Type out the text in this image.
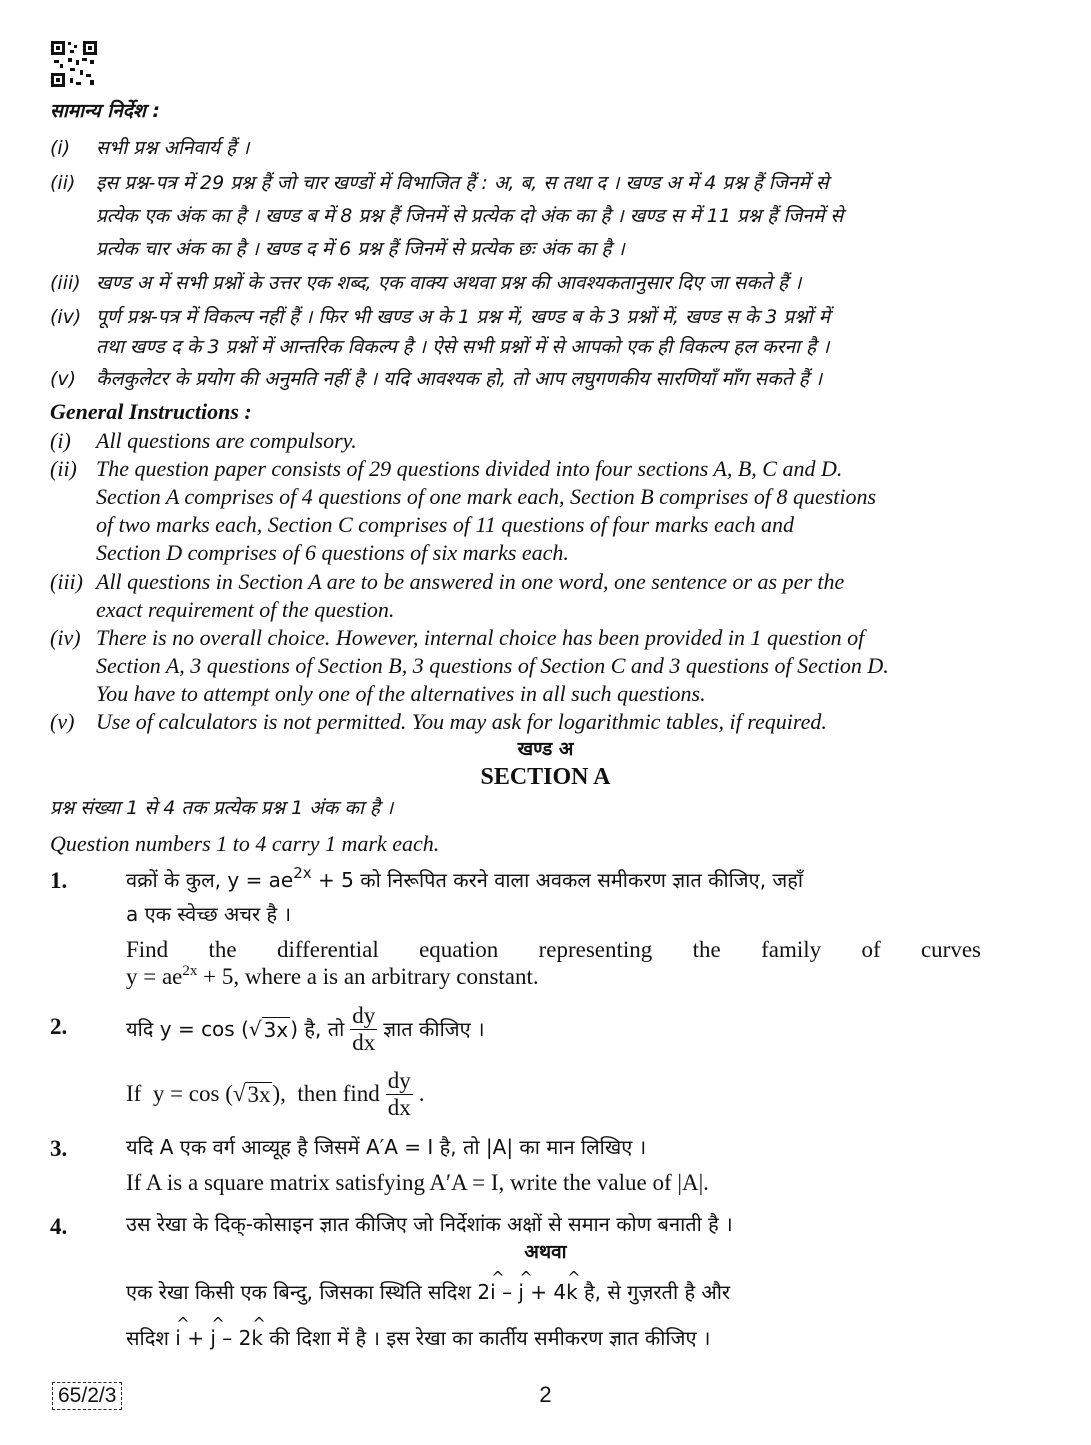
सामान्य निर्देश :
(i) सभी प्रश्न अनिवार्य हैं ।
(ii) इस प्रश्न-पत्र में 29 प्रश्न हैं जो चार खण्डों में विभाजित हैं : अ, ब, स तथा द । खण्ड अ में 4 प्रश्न हैं जिनमें से
प्रत्येक एक अंक का है । खण्ड ब में 8 प्रश्न हैं जिनमें से प्रत्येक दो अंक का है । खण्ड स में 11 प्रश्न हैं जिनमें से
प्रत्येक चार अंक का है । खण्ड द में 6 प्रश्न हैं जिनमें से प्रत्येक छः अंक का है ।
(iii) खण्ड अ में सभी प्रश्नों के उत्तर एक शब्द, एक वाक्य अथवा प्रश्न की आवश्यकतानुसार दिए जा सकते हैं ।
(iv) पूर्ण प्रश्न-पत्र में विकल्प नहीं हैं । फिर भी खण्ड अ के 1 प्रश्न में, खण्ड ब के 3 प्रश्नों में, खण्ड स के 3 प्रश्नों में
तथा खण्ड द के 3 प्रश्नों में आन्तरिक विकल्प है । ऐसे सभी प्रश्नों में से आपको एक ही विकल्प हल करना है ।
(v) कैलकुलेटर के प्रयोग की अनुमति नहीं है । यदि आवश्यक हो, तो आप लघुगणकीय सारणियाँ माँग सकते हैं ।
General Instructions :
(i) All questions are compulsory.
(ii) The question paper consists of 29 questions divided into four sections A, B, C and D.
Section A comprises of 4 questions of one mark each, Section B comprises of 8 questions
of two marks each, Section C comprises of 11 questions of four marks each and
Section D comprises of 6 questions of six marks each.
(iii) All questions in Section A are to be answered in one word, one sentence or as per the
exact requirement of the question.
(iv) There is no overall choice. However, internal choice has been provided in 1 question of
Section A, 3 questions of Section B, 3 questions of Section C and 3 questions of Section D.
You have to attempt only one of the alternatives in all such questions.
(v) Use of calculators is not permitted. You may ask for logarithmic tables, if required.
खण्ड अ
SECTION A
प्रश्न संख्या 1 से 4 तक प्रत्येक प्रश्न 1 अंक का है ।
Question numbers 1 to 4 carry 1 mark each.
1.	वक्रों के कुल, $y = ae^{2x} + 5$ को निरूपित करने वाला अवकल समीकरण ज्ञात कीजिए, जहाँ
a एक स्वेच्छ अचर है ।
Find the differential equation representing the family of curves
$y = ae^{2x} + 5$, where a is an arbitrary constant.
2.	यदि y = cos ( √ 3x ) है, तो $\frac{dy}{dx}$ ज्ञात कीजिए ।
If  y = cos ( √ 3x ),  then find $\frac{dy}{dx}$ .
3.	यदि A एक वर्ग आव्यूह है जिसमें A′A = I है, तो |A| का मान लिखिए ।
If A is a square matrix satisfying A′A = I, write the value of |A|.
4.	उस रेखा के दिक्-कोसाइन ज्ञात कीजिए जो निर्देशांक अक्षों से समान कोण बनाती है ।
अथवा
एक रेखा किसी एक बिन्दु, जिसका स्थिति सदिश 2^ i – ^ j + 4^ k है, से गुज़रती है और
सदिश ^ i + ^ j – 2^ k की दिशा में है । इस रेखा का कार्तीय समीकरण ज्ञात कीजिए ।
65/2/3	2
